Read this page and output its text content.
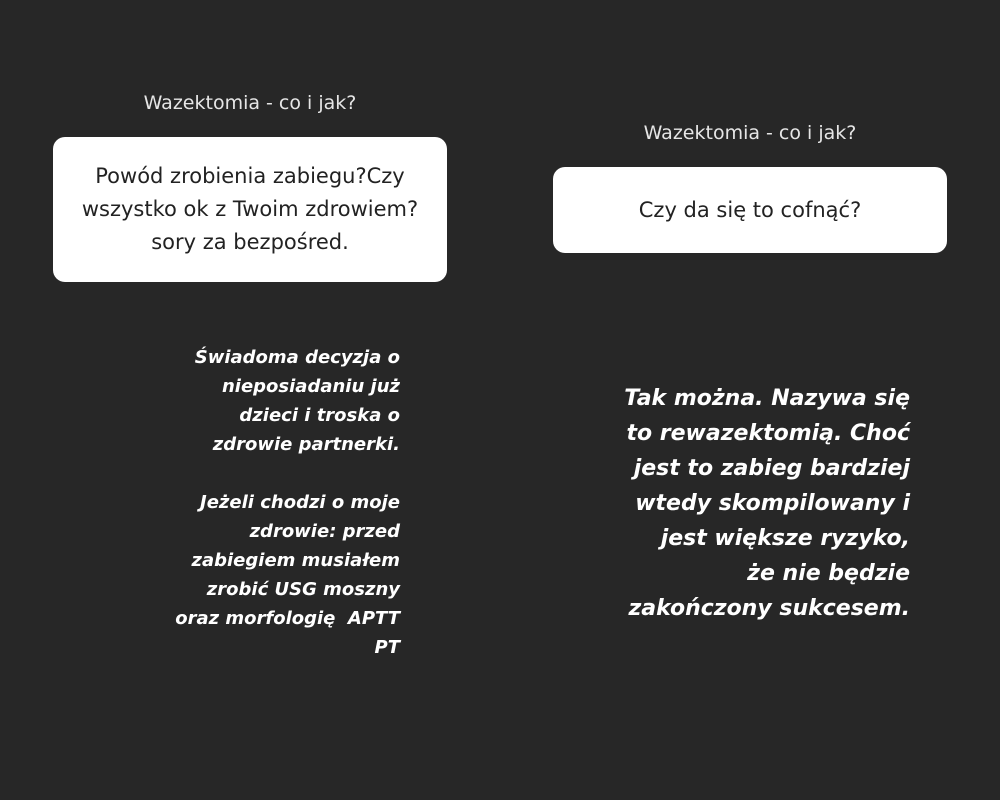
Wazektomia - co i jak?
Powód zrobienia zabiegu?Czy wszystko ok z Twoim zdrowiem?sory za bezpośred.

Świadoma decyzja o
nieposiadaniu już
dzieci i troska o
zdrowie partnerki.

Jeżeli chodzi o moje
zdrowie: przed
zabiegiem musiałem
zrobić USG moszny
oraz morfologię  APTT
PT

Wazektomia - co i jak?
Czy da się to cofnąć?
Tak można. Nazywa się
to rewazektomią. Choć
jest to zabieg bardziej
wtedy skompilowany i
jest większe ryzyko,
że nie będzie
zakończony sukcesem.
